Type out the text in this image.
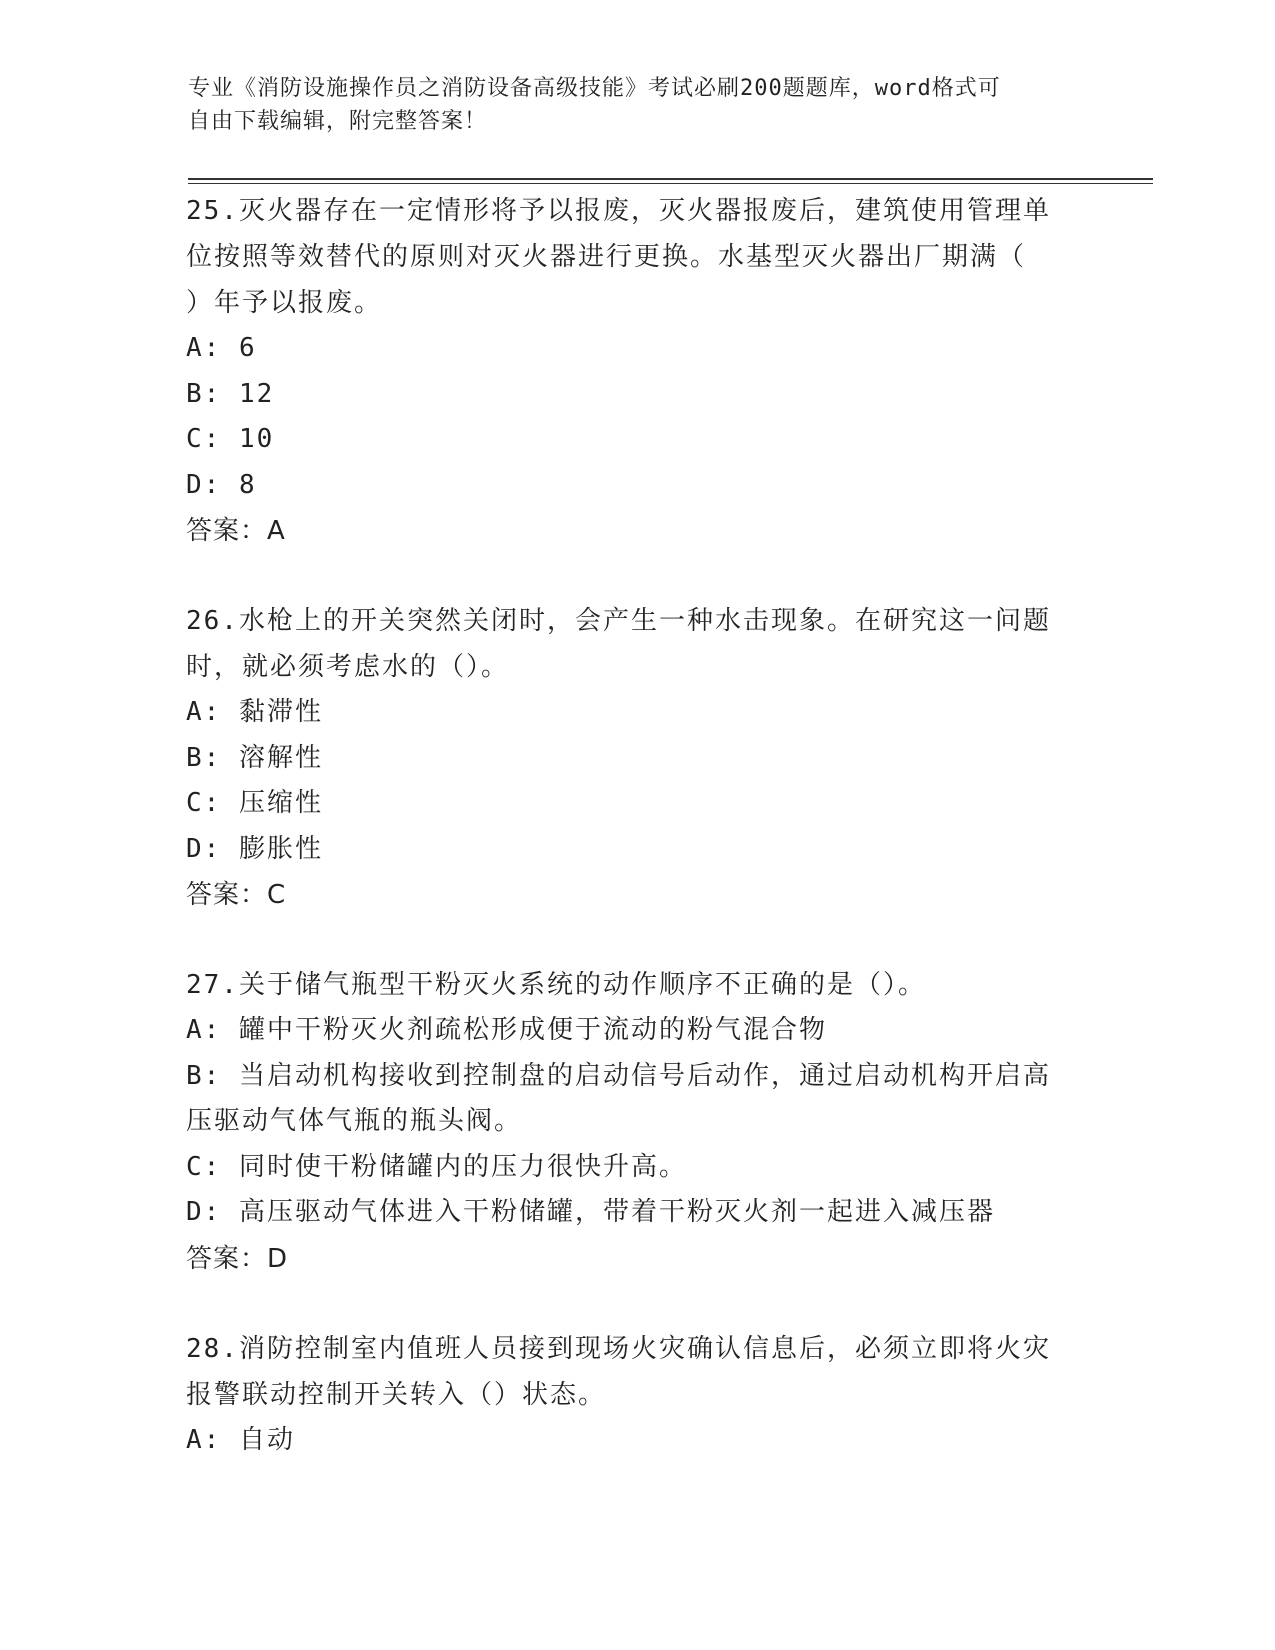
专业《消防设施操作员之消防设备高级技能》考试必刷200题题库，word格式可
自由下载编辑，附完整答案！
25.灭火器存在一定情形将予以报废，灭火器报废后，建筑使用管理单
位按照等效替代的原则对灭火器进行更换。水基型灭火器出厂期满（
）年予以报废。
A: 6
B: 12
C: 10
D: 8
答案：A
26.水枪上的开关突然关闭时，会产生一种水击现象。在研究这一问题
时，就必须考虑水的（）。
A: 黏滞性
B: 溶解性
C: 压缩性
D: 膨胀性
答案：C
27.关于储气瓶型干粉灭火系统的动作顺序不正确的是（）。
A: 罐中干粉灭火剂疏松形成便于流动的粉气混合物
B: 当启动机构接收到控制盘的启动信号后动作，通过启动机构开启高
压驱动气体气瓶的瓶头阀。
C: 同时使干粉储罐内的压力很快升高。
D: 高压驱动气体进入干粉储罐，带着干粉灭火剂一起进入减压器
答案：D
28.消防控制室内值班人员接到现场火灾确认信息后，必须立即将火灾
报警联动控制开关转入（）状态。
A: 自动
